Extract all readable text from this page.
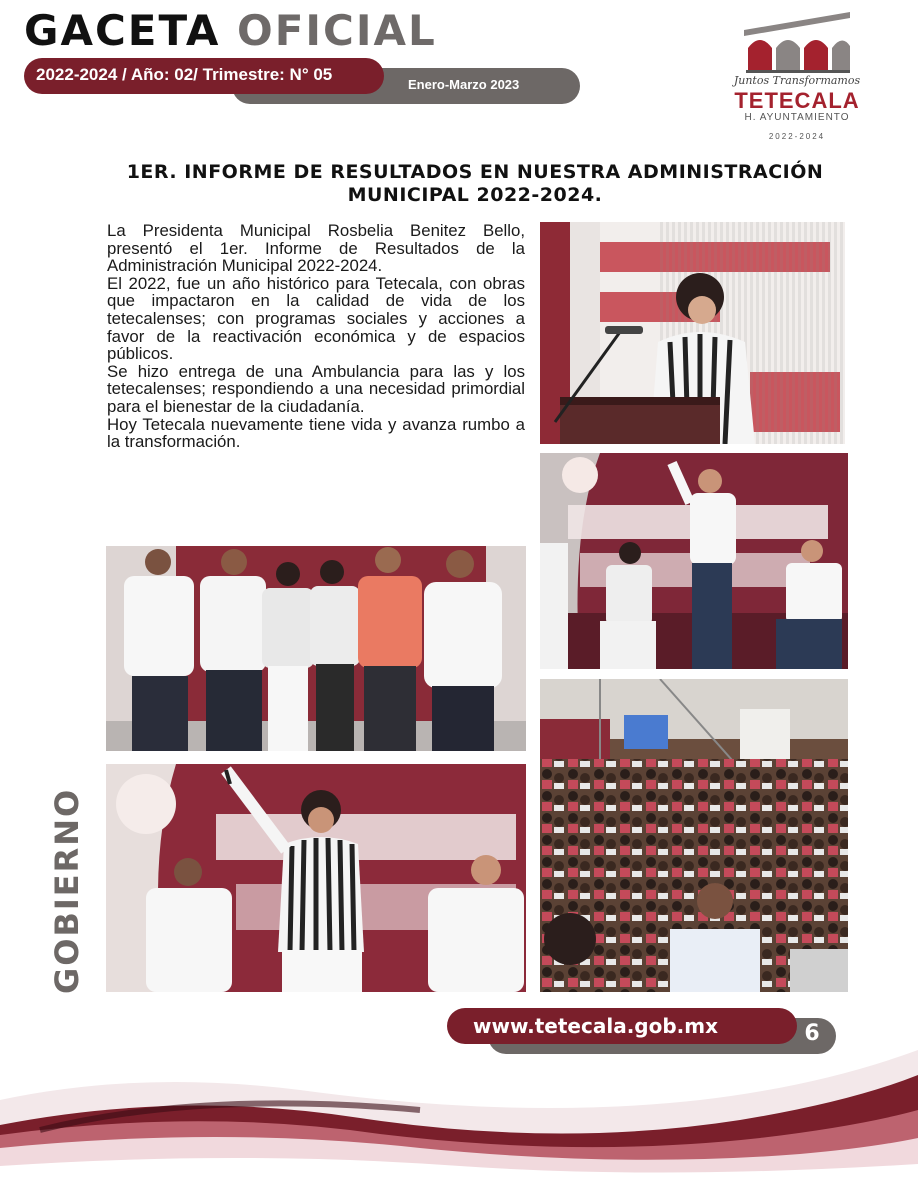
GACETA OFICIAL
Enero-Marzo 2023
2022-2024 / Año: 02/ Trimestre: N° 05	Juntos Transformamos
TETECALA
H. AYUNTAMIENTO
2022-2024
1ER. INFORME DE RESULTADOS EN NUESTRA ADMINISTRACIÓN MUNICIPAL 2022-2024.

La Presidenta Municipal Rosbelia Benitez Bello, presentó el 1er. Informe de Resultados de la Administración Municipal 2022-2024.

El 2022, fue un año histórico para Tetecala, con obras que impactaron en la calidad de vida de los tetecalenses; con programas sociales y acciones a favor de la reactivación económica y de espacios públicos.

Se hizo entrega de una Ambulancia para las y los tetecalenses; respondiendo a una necesidad primordial para el bienestar de la ciudadanía.

Hoy Tetecala nuevamente tiene vida y avanza rumbo a la transformación.

GOBIERNO
www.tetecala.gob.mx	6
